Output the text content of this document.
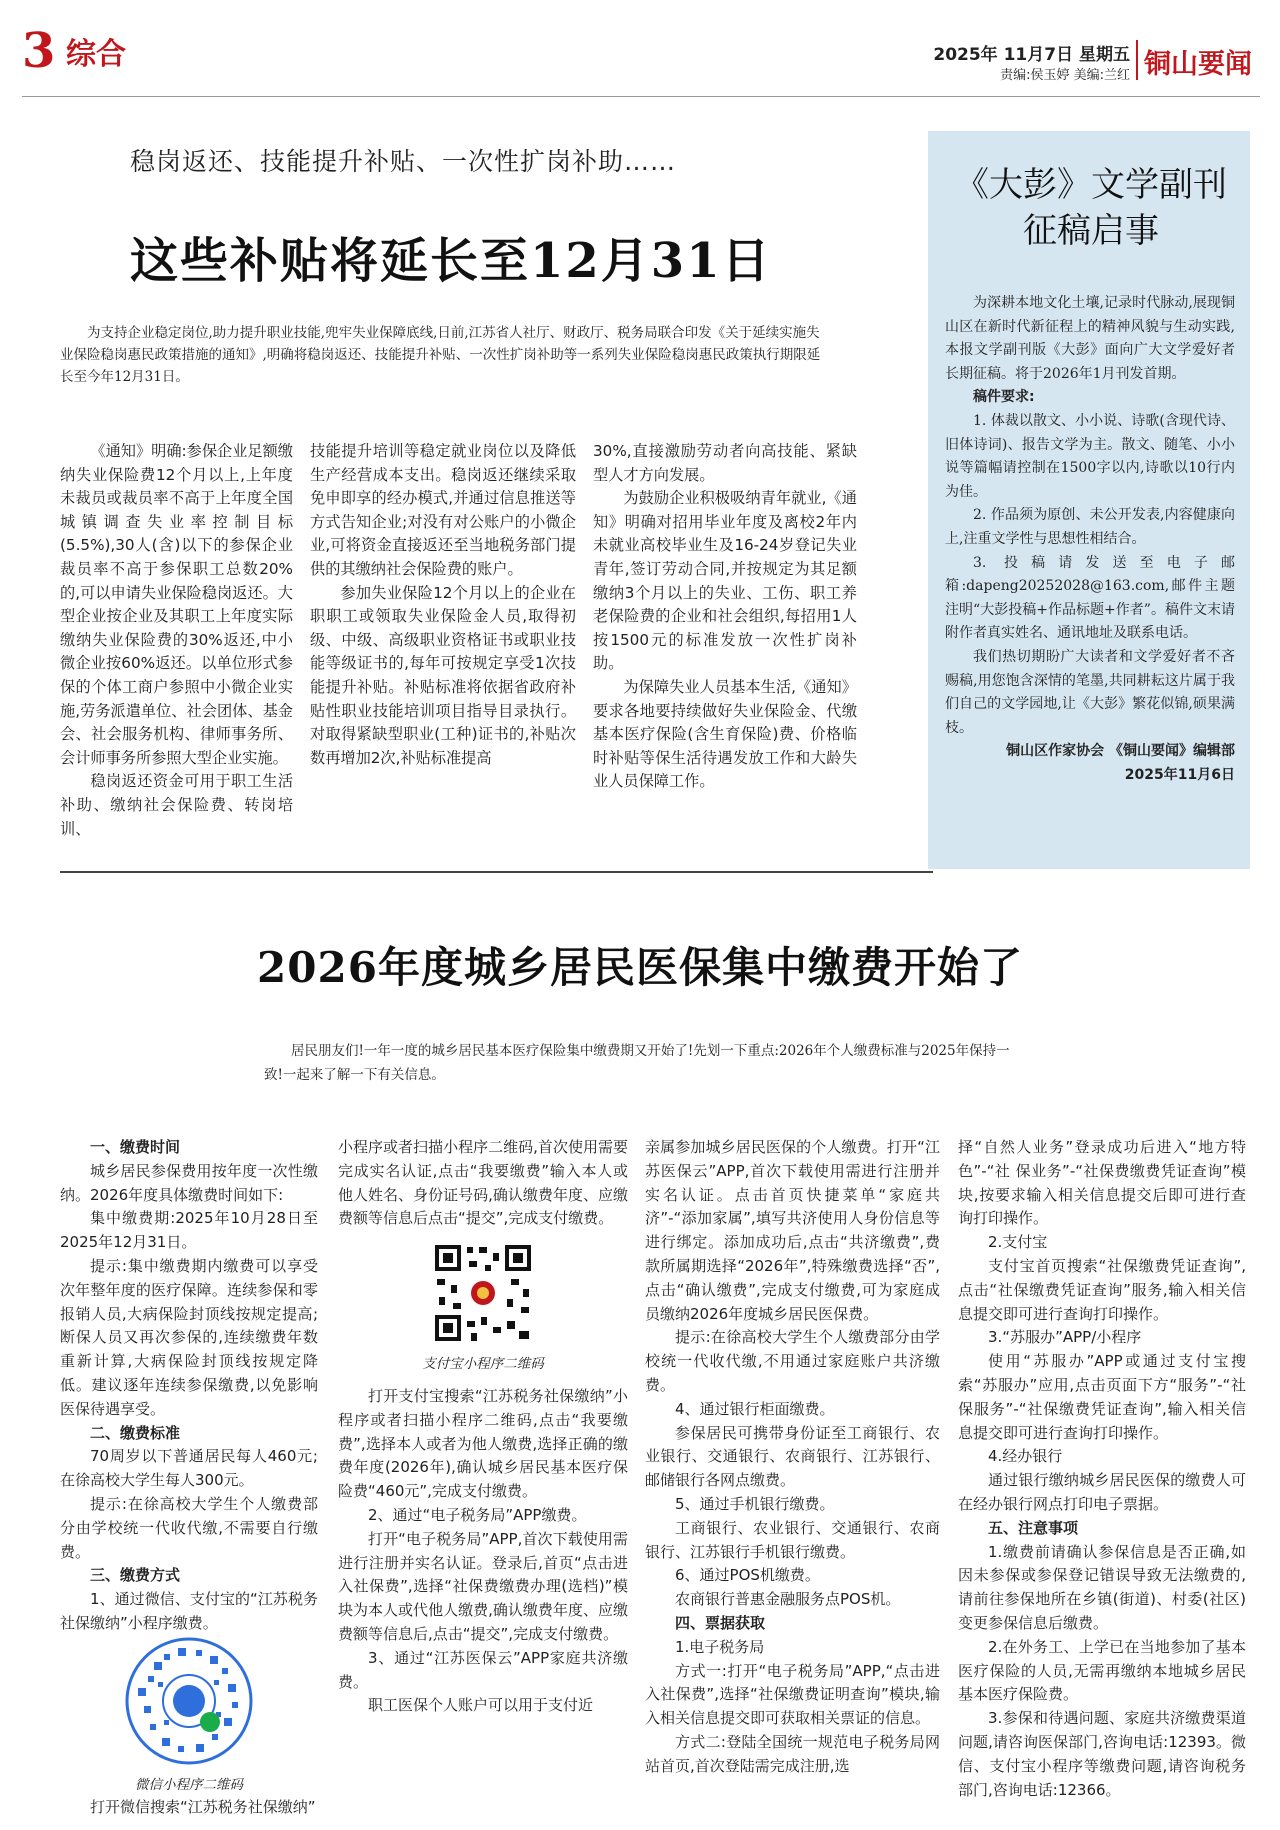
3 综合	2025年 11月7日 星期五
责编:侯玉婷 美编:兰红 铜山要闻
稳岗返还、技能提升补贴、一次性扩岗补助……
这些补贴将延长至12月31日
为支持企业稳定岗位,助力提升职业技能,兜牢失业保障底线,日前,江苏省人社厅、财政厅、税务局联合印发《关于延续实施失业保险稳岗惠民政策措施的通知》,明确将稳岗返还、技能提升补贴、一次性扩岗补助等一系列失业保险稳岗惠民政策执行期限延长至今年12月31日。

《通知》明确:参保企业足额缴纳失业保险费12个月以上,上年度未裁员或裁员率不高于上年度全国城镇调查失业率控制目标(5.5%),30人(含)以下的参保企业裁员率不高于参保职工总数20%的,可以申请失业保险稳岗返还。大型企业按企业及其职工上年度实际缴纳失业保险费的30%返还,中小微企业按60%返还。以单位形式参保的个体工商户参照中小微企业实施,劳务派遣单位、社会团体、基金会、社会服务机构、律师事务所、会计师事务所参照大型企业实施。

稳岗返还资金可用于职工生活补助、缴纳社会保险费、转岗培训、

技能提升培训等稳定就业岗位以及降低生产经营成本支出。稳岗返还继续采取免申即享的经办模式,并通过信息推送等方式告知企业;对没有对公账户的小微企业,可将资金直接返还至当地税务部门提供的其缴纳社会保险费的账户。

参加失业保险12个月以上的企业在职职工或领取失业保险金人员,取得初级、中级、高级职业资格证书或职业技能等级证书的,每年可按规定享受1次技能提升补贴。补贴标准将依据省政府补贴性职业技能培训项目指导目录执行。对取得紧缺型职业(工种)证书的,补贴次数再增加2次,补贴标准提高

30%,直接激励劳动者向高技能、紧缺型人才方向发展。

为鼓励企业积极吸纳青年就业,《通知》明确对招用毕业年度及离校2年内未就业高校毕业生及16-24岁登记失业青年,签订劳动合同,并按规定为其足额缴纳3个月以上的失业、工伤、职工养老保险费的企业和社会组织,每招用1人按1500元的标准发放一次性扩岗补助。

为保障失业人员基本生活,《通知》要求各地要持续做好失业保险金、代缴基本医疗保险(含生育保险)费、价格临时补贴等保生活待遇发放工作和大龄失业人员保障工作。

《大彭》文学副刊
征稿启事

为深耕本地文化土壤,记录时代脉动,展现铜山区在新时代新征程上的精神风貌与生动实践,本报文学副刊版《大彭》面向广大文学爱好者长期征稿。将于2026年1月刊发首期。

稿件要求:

1. 体裁以散文、小小说、诗歌(含现代诗、旧体诗词)、报告文学为主。散文、随笔、小小说等篇幅请控制在1500字以内,诗歌以10行内为佳。

2. 作品须为原创、未公开发表,内容健康向上,注重文学性与思想性相结合。

3. 投稿请发送至电子邮箱:dapeng20252028@163.com,邮件主题注明“大彭投稿+作品标题+作者”。稿件文末请附作者真实姓名、通讯地址及联系电话。

我们热切期盼广大读者和文学爱好者不吝赐稿,用您饱含深情的笔墨,共同耕耘这片属于我们自己的文学园地,让《大彭》繁花似锦,硕果满枝。

铜山区作家协会 《铜山要闻》编辑部

2025年11月6日

2026年度城乡居民医保集中缴费开始了
居民朋友们!一年一度的城乡居民基本医疗保险集中缴费期又开始了!先划一下重点:2026年个人缴费标准与2025年保持一致!一起来了解一下有关信息。

一、缴费时间

城乡居民参保费用按年度一次性缴纳。2026年度具体缴费时间如下:

集中缴费期:2025年10月28日至2025年12月31日。

提示:集中缴费期内缴费可以享受次年整年度的医疗保障。连续参保和零报销人员,大病保险封顶线按规定提高;断保人员又再次参保的,连续缴费年数重新计算,大病保险封顶线按规定降低。建议逐年连续参保缴费,以免影响医保待遇享受。

二、缴费标准

70周岁以下普通居民每人460元;在徐高校大学生每人300元。

提示:在徐高校大学生个人缴费部分由学校统一代收代缴,不需要自行缴费。

三、缴费方式

1、通过微信、支付宝的“江苏税务社保缴纳”小程序缴费。

微信小程序二维码

打开微信搜索“江苏税务社保缴纳”

小程序或者扫描小程序二维码,首次使用需要完成实名认证,点击“我要缴费”输入本人或他人姓名、身份证号码,确认缴费年度、应缴费额等信息后点击“提交”,完成支付缴费。

支付宝小程序二维码

打开支付宝搜索“江苏税务社保缴纳”小程序或者扫描小程序二维码,点击“我要缴费”,选择本人或者为他人缴费,选择正确的缴费年度(2026年),确认城乡居民基本医疗保险费“460元”,完成支付缴费。

2、通过“电子税务局”APP缴费。

打开“电子税务局”APP,首次下载使用需进行注册并实名认证。登录后,首页“点击进入社保费”,选择“社保费缴费办理(选档)”模块为本人或代他人缴费,确认缴费年度、应缴费额等信息后,点击“提交”,完成支付缴费。

3、通过“江苏医保云”APP家庭共济缴费。

职工医保个人账户可以用于支付近

亲属参加城乡居民医保的个人缴费。打开“江苏医保云”APP,首次下载使用需进行注册并实名认证。点击首页快捷菜单“家庭共济”-“添加家属”,填写共济使用人身份信息等进行绑定。添加成功后,点击“共济缴费”,费款所属期选择“2026年”,特殊缴费选择“否”,点击“确认缴费”,完成支付缴费,可为家庭成员缴纳2026年度城乡居民医保费。

提示:在徐高校大学生个人缴费部分由学校统一代收代缴,不用通过家庭账户共济缴费。

4、通过银行柜面缴费。

参保居民可携带身份证至工商银行、农业银行、交通银行、农商银行、江苏银行、邮储银行各网点缴费。

5、通过手机银行缴费。

工商银行、农业银行、交通银行、农商银行、江苏银行手机银行缴费。

6、通过POS机缴费。

农商银行普惠金融服务点POS机。

四、票据获取

1.电子税务局

方式一:打开“电子税务局”APP,“点击进入社保费”,选择“社保缴费证明查询”模块,输入相关信息提交即可获取相关票证的信息。

方式二:登陆全国统一规范电子税务局网站首页,首次登陆需完成注册,选

择“自然人业务”登录成功后进入“地方特色”-“社 保业务”-“社保费缴费凭证查询”模块,按要求输入相关信息提交后即可进行查询打印操作。

2.支付宝

支付宝首页搜索“社保缴费凭证查询”,点击“社保缴费凭证查询”服务,输入相关信息提交即可进行查询打印操作。

3.“苏服办”APP/小程序

使用“苏服办”APP或通过支付宝搜索“苏服办”应用,点击页面下方“服务”-“社保服务”-“社保缴费凭证查询”,输入相关信息提交即可进行查询打印操作。

4.经办银行

通过银行缴纳城乡居民医保的缴费人可在经办银行网点打印电子票据。

五、注意事项

1.缴费前请确认参保信息是否正确,如因未参保或参保登记错误导致无法缴费的,请前往参保地所在乡镇(街道)、村委(社区)变更参保信息后缴费。

2.在外务工、上学已在当地参加了基本医疗保险的人员,无需再缴纳本地城乡居民基本医疗保险费。

3.参保和待遇问题、家庭共济缴费渠道问题,请咨询医保部门,咨询电话:12393。微信、支付宝小程序等缴费问题,请咨询税务部门,咨询电话:12366。
